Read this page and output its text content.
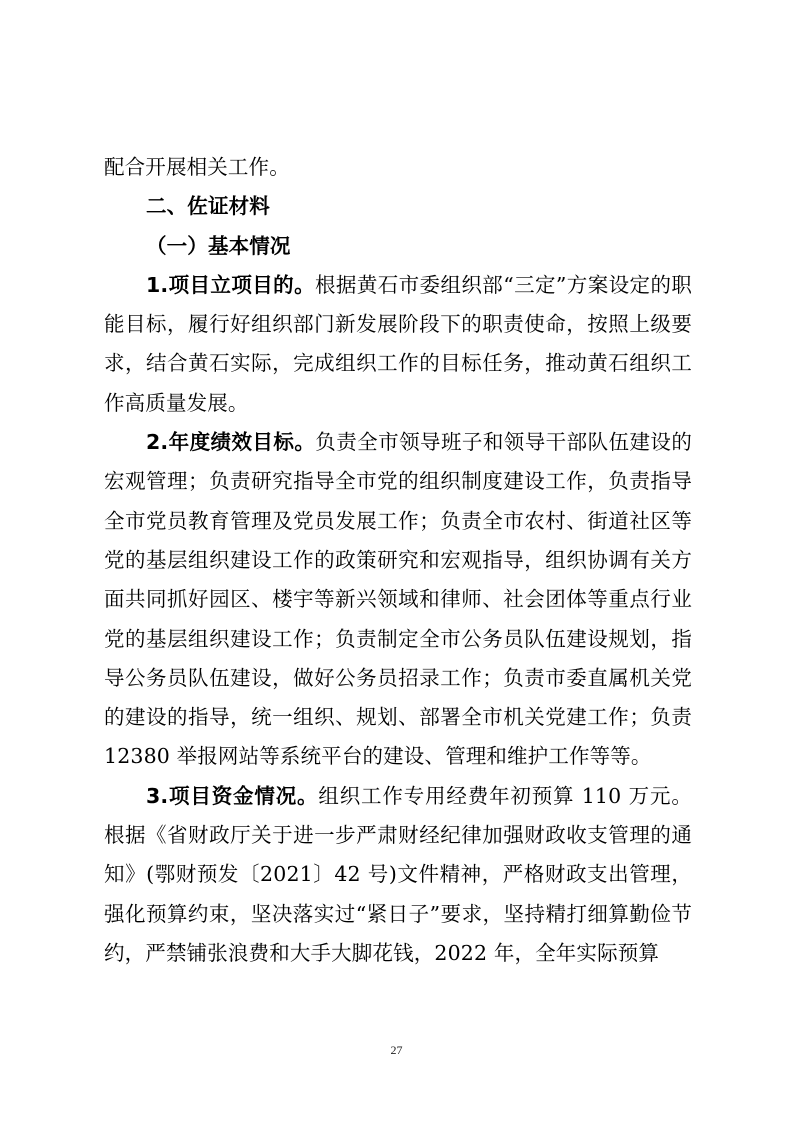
配合开展相关工作。

二、佐证材料

（一）基本情况

1.项目立项目的。根据黄石市委组织部“三定”方案设定的职能目标，履行好组织部门新发展阶段下的职责使命，按照上级要求，结合黄石实际，完成组织工作的目标任务，推动黄石组织工作高质量发展。

2.年度绩效目标。负责全市领导班子和领导干部队伍建设的宏观管理；负责研究指导全市党的组织制度建设工作，负责指导全市党员教育管理及党员发展工作；负责全市农村、街道社区等党的基层组织建设工作的政策研究和宏观指导，组织协调有关方面共同抓好园区、楼宇等新兴领域和律师、社会团体等重点行业党的基层组织建设工作；负责制定全市公务员队伍建设规划，指导公务员队伍建设，做好公务员招录工作；负责市委直属机关党的建设的指导，统一组织、规划、部署全市机关党建工作；负责 12380 举报网站等系统平台的建设、管理和维护工作等等。

3.项目资金情况。组织工作专用经费年初预算 110 万元。根据《省财政厅关于进一步严肃财经纪律加强财政收支管理的通知》(鄂财预发〔2021〕42 号)文件精神，严格财政支出管理，强化预算约束，坚决落实过“紧日子”要求，坚持精打细算勤俭节约，严禁铺张浪费和大手大脚花钱，2022 年，全年实际预算

27
